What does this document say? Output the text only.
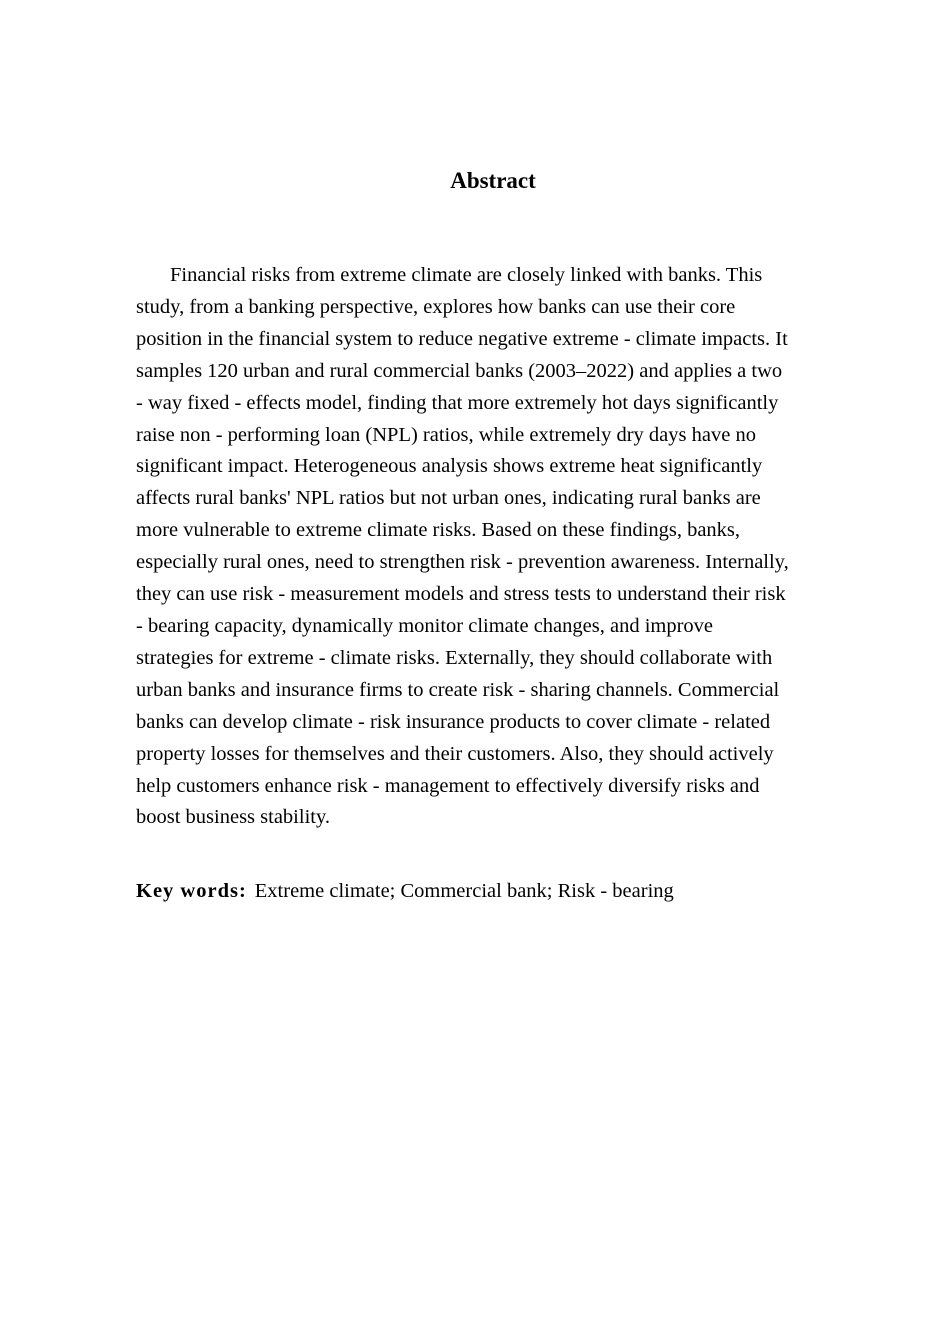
Abstract
Financial risks from extreme climate are closely linked with banks. This
study, from a banking perspective, explores how banks can use their core
position in the financial system to reduce negative extreme - climate impacts. It
samples 120 urban and rural commercial banks (2003–2022) and applies a two
- way fixed - effects model, finding that more extremely hot days significantly
raise non - performing loan (NPL) ratios, while extremely dry days have no
significant impact. Heterogeneous analysis shows extreme heat significantly
affects rural banks' NPL ratios but not urban ones, indicating rural banks are
more vulnerable to extreme climate risks. Based on these findings, banks,
especially rural ones, need to strengthen risk - prevention awareness. Internally,
they can use risk - measurement models and stress tests to understand their risk
- bearing capacity, dynamically monitor climate changes, and improve
strategies for extreme - climate risks. Externally, they should collaborate with
urban banks and insurance firms to create risk - sharing channels. Commercial
banks can develop climate - risk insurance products to cover climate - related
property losses for themselves and their customers. Also, they should actively
help customers enhance risk - management to effectively diversify risks and
boost business stability.

Key words: Extreme climate; Commercial bank; Risk - bearing
